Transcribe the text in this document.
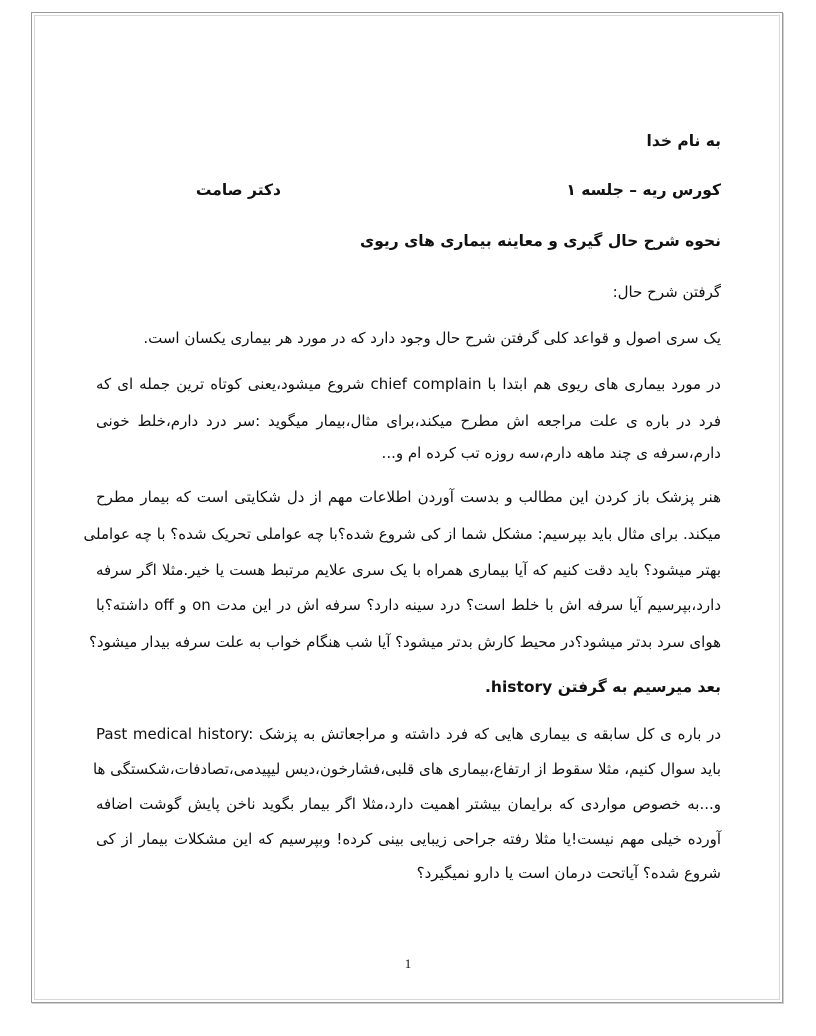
به نام خدا

کورس ریه – جلسه ۱
دکتر صامت

نحوه شرح حال گیری و معاینه بیماری های ریوی

گرفتن شرح حال:

یک سری اصول و قواعد کلی گرفتن شرح حال وجود دارد که در مورد هر بیماری یکسان است.

در مورد بیماری های ریوی هم ابتدا با chief complain شروع میشود،یعنی کوتاه ترین جمله ای که

فرد در باره ی علت مراجعه اش مطرح میکند،برای مثال،بیمار میگوید :سر درد دارم،خلط خونی

دارم،سرفه ی چند ماهه دارم،سه روزه تب کرده ام و...

هنر پزشک باز کردن این مطالب و بدست آوردن اطلاعات مهم از دل شکایتی است که بیمار مطرح

میکند. برای مثال باید بپرسیم: مشکل شما از کی شروع شده؟با چه عواملی تحریک شده؟ با چه عواملی

بهتر میشود؟ باید دقت کنیم که آیا بیماری همراه با یک سری علایم مرتبط هست یا خیر.مثلا اگر سرفه

دارد،بپرسیم آیا سرفه اش با خلط است؟ درد سینه دارد؟ سرفه اش در این مدت on و off داشته؟با

هوای سرد بدتر میشود؟در محیط کارش بدتر میشود؟ آیا شب هنگام خواب به علت سرفه بیدار میشود؟

بعد میرسیم به گرفتن history.

Past medical history: در باره ی کل سابقه ی بیماری هایی که فرد داشته و مراجعاتش به پزشک

باید سوال کنیم، مثلا سقوط از ارتفاع،بیماری های قلبی،فشارخون،دیس لیپیدمی،تصادفات،شکستگی ها

و...به خصوص مواردی که برایمان بیشتر اهمیت دارد،مثلا اگر بیمار بگوید ناخن پایش گوشت اضافه

آورده خیلی مهم نیست!یا مثلا رفته جراحی زیبایی بینی کرده! وبپرسیم که این مشکلات بیمار از کی

شروع شده؟ آیاتحت درمان است یا دارو نمیگیرد؟

1
